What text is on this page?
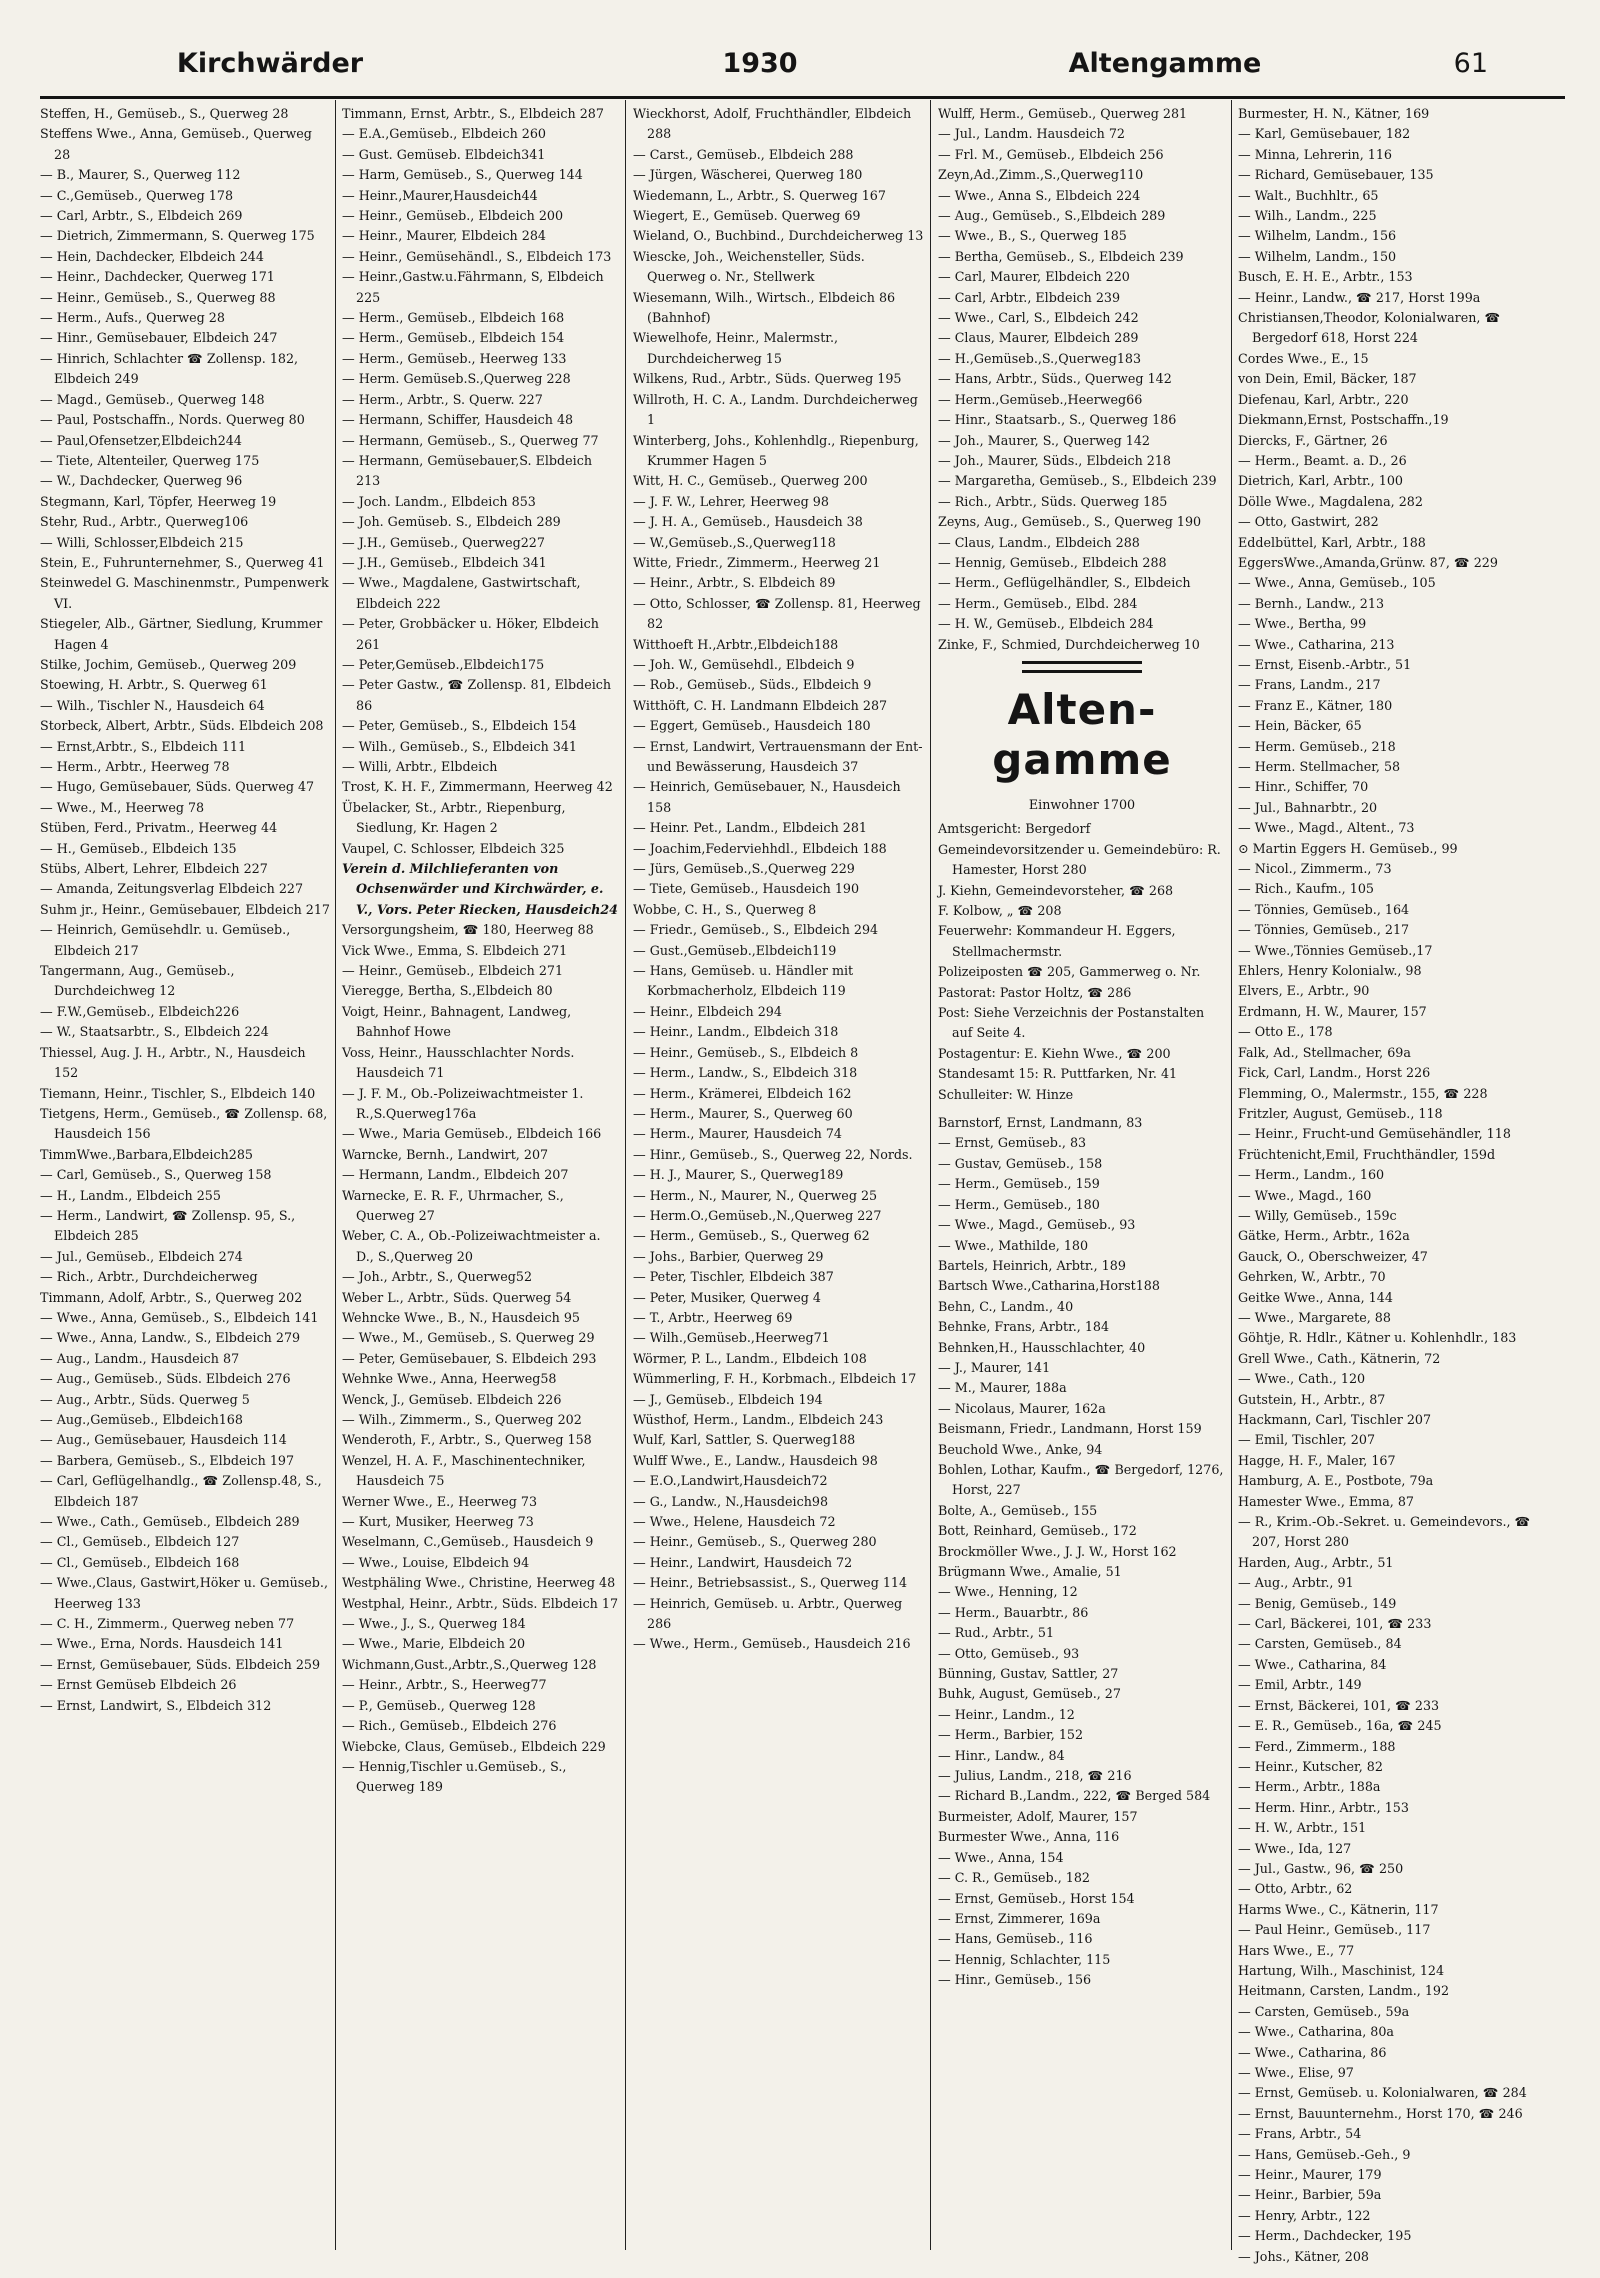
Kirchwärder	1930	Altengamme	61

Steffen, H., Gemüseb., S., Querweg 28

Steffens Wwe., Anna, Gemüseb., Querweg 28

— B., Maurer, S., Querweg 112

— C.,Gemüseb., Querweg 178

— Carl, Arbtr., S., Elbdeich 269

— Dietrich, Zimmermann, S. Querweg 175

— Hein, Dachdecker, Elbdeich 244

— Heinr., Dachdecker, Querweg 171

— Heinr., Gemüseb., S., Querweg 88

— Herm., Aufs., Querweg 28

— Hinr., Gemüsebauer, Elbdeich 247

— Hinrich, Schlachter ☎ Zollensp. 182, Elbdeich 249

— Magd., Gemüseb., Querweg 148

— Paul, Postschaffn., Nords. Querweg 80

— Paul,Ofensetzer,Elbdeich244

— Tiete, Altenteiler, Querweg 175

— W., Dachdecker, Querweg 96

Stegmann, Karl, Töpfer, Heerweg 19

Stehr, Rud., Arbtr., Querweg106

— Willi, Schlosser,Elbdeich 215

Stein, E., Fuhrunternehmer, S., Querweg 41

Steinwedel G. Maschinenmstr., Pumpenwerk VI.

Stiegeler, Alb., Gärtner, Siedlung, Krummer Hagen 4

Stilke, Jochim, Gemüseb., Querweg 209

Stoewing, H. Arbtr., S. Querweg 61

— Wilh., Tischler N., Hausdeich 64

Storbeck, Albert, Arbtr., Süds. Elbdeich 208

— Ernst,Arbtr., S., Elbdeich 111

— Herm., Arbtr., Heerweg 78

— Hugo, Gemüsebauer, Süds. Querweg 47

— Wwe., M., Heerweg 78

Stüben, Ferd., Privatm., Heerweg 44

— H., Gemüseb., Elbdeich 135

Stübs, Albert, Lehrer, Elbdeich 227

— Amanda, Zeitungsverlag Elbdeich 227

Suhm jr., Heinr., Gemüsebauer, Elbdeich 217

— Heinrich, Gemüsehdlr. u. Gemüseb., Elbdeich 217

Tangermann, Aug., Gemüseb., Durchdeichweg 12

— F.W.,Gemüseb., Elbdeich226

— W., Staatsarbtr., S., Elbdeich 224

Thiessel, Aug. J. H., Arbtr., N., Hausdeich 152

Tiemann, Heinr., Tischler, S., Elbdeich 140

Tietgens, Herm., Gemüseb., ☎ Zollensp. 68, Hausdeich 156

TimmWwe.,Barbara,Elbdeich285

— Carl, Gemüseb., S., Querweg 158

— H., Landm., Elbdeich 255

— Herm., Landwirt, ☎ Zollensp. 95, S., Elbdeich 285

— Jul., Gemüseb., Elbdeich 274

— Rich., Arbtr., Durchdeicherweg

Timmann, Adolf, Arbtr., S., Querweg 202

— Wwe., Anna, Gemüseb., S., Elbdeich 141

— Wwe., Anna, Landw., S., Elbdeich 279

— Aug., Landm., Hausdeich 87

— Aug., Gemüseb., Süds. Elbdeich 276

— Aug., Arbtr., Süds. Querweg 5

— Aug.,Gemüseb., Elbdeich168

— Aug., Gemüsebauer, Hausdeich 114

— Barbera, Gemüseb., S., Elbdeich 197

— Carl, Geflügelhandlg., ☎ Zollensp.48, S., Elbdeich 187

— Wwe., Cath., Gemüseb., Elbdeich 289

— Cl., Gemüseb., Elbdeich 127

— Cl., Gemüseb., Elbdeich 168

— Wwe.,Claus, Gastwirt,Höker u. Gemüseb., Heerweg 133

— C. H., Zimmerm., Querweg neben 77

— Wwe., Erna, Nords. Hausdeich 141

— Ernst, Gemüsebauer, Süds. Elbdeich 259

— Ernst Gemüseb Elbdeich 26

— Ernst, Landwirt, S., Elbdeich 312

Timmann, Ernst, Arbtr., S., Elbdeich 287

— E.A.,Gemüseb., Elbdeich 260

— Gust. Gemüseb. Elbdeich341

— Harm, Gemüseb., S., Querweg 144

— Heinr.,Maurer,Hausdeich44

— Heinr., Gemüseb., Elbdeich 200

— Heinr., Maurer, Elbdeich 284

— Heinr., Gemüsehändl., S., Elbdeich 173

— Heinr.,Gastw.u.Fährmann, S, Elbdeich 225

— Herm., Gemüseb., Elbdeich 168

— Herm., Gemüseb., Elbdeich 154

— Herm., Gemüseb., Heerweg 133

— Herm. Gemüseb.S.,Querweg 228

— Herm., Arbtr., S. Querw. 227

— Hermann, Schiffer, Hausdeich 48

— Hermann, Gemüseb., S., Querweg 77

— Hermann, Gemüsebauer,S. Elbdeich 213

— Joch. Landm., Elbdeich 853

— Joh. Gemüseb. S., Elbdeich 289

— J.H., Gemüseb., Querweg227

— J.H., Gemüseb., Elbdeich 341

— Wwe., Magdalene, Gastwirtschaft, Elbdeich 222

— Peter, Grobbäcker u. Höker, Elbdeich 261

— Peter,Gemüseb.,Elbdeich175

— Peter Gastw., ☎ Zollensp. 81, Elbdeich 86

— Peter, Gemüseb., S., Elbdeich 154

— Wilh., Gemüseb., S., Elbdeich 341

— Willi, Arbtr., Elbdeich

Trost, K. H. F., Zimmermann, Heerweg 42

Übelacker, St., Arbtr., Riepenburg, Siedlung, Kr. Hagen 2

Vaupel, C. Schlosser, Elbdeich 325

Verein d. Milchlieferanten von Ochsenwärder und Kirchwärder, e. V., Vors. Peter Riecken, Hausdeich24

Versorgungsheim, ☎ 180, Heerweg 88

Vick Wwe., Emma, S. Elbdeich 271

— Heinr., Gemüseb., Elbdeich 271

Vieregge, Bertha, S.,Elbdeich 80

Voigt, Heinr., Bahnagent, Landweg, Bahnhof Howe

Voss, Heinr., Hausschlachter Nords. Hausdeich 71

— J. F. M., Ob.-Polizeiwachtmeister 1. R.,S.Querweg176a

— Wwe., Maria Gemüseb., Elbdeich 166

Warncke, Bernh., Landwirt, 207

— Hermann, Landm., Elbdeich 207

Warnecke, E. R. F., Uhrmacher, S., Querweg 27

Weber, C. A., Ob.-Polizeiwachtmeister a. D., S.,Querweg 20

— Joh., Arbtr., S., Querweg52

Weber L., Arbtr., Süds. Querweg 54

Wehncke Wwe., B., N., Hausdeich 95

— Wwe., M., Gemüseb., S. Querweg 29

— Peter, Gemüsebauer, S. Elbdeich 293

Wehnke Wwe., Anna, Heerweg58

Wenck, J., Gemüseb. Elbdeich 226

— Wilh., Zimmerm., S., Querweg 202

Wenderoth, F., Arbtr., S., Querweg 158

Wenzel, H. A. F., Maschinentechniker, Hausdeich 75

Werner Wwe., E., Heerweg 73

— Kurt, Musiker, Heerweg 73

Weselmann, C.,Gemüseb., Hausdeich 9

— Wwe., Louise, Elbdeich 94

Westphäling Wwe., Christine, Heerweg 48

Westphal, Heinr., Arbtr., Süds. Elbdeich 17

— Wwe., J., S., Querweg 184

— Wwe., Marie, Elbdeich 20

Wichmann,Gust.,Arbtr.,S.,Querweg 128

— Heinr., Arbtr., S., Heerweg77

— P., Gemüseb., Querweg 128

— Rich., Gemüseb., Elbdeich 276

Wiebcke, Claus, Gemüseb., Elbdeich 229

— Hennig,Tischler u.Gemüseb., S., Querweg 189

Wieckhorst, Adolf, Fruchthändler, Elbdeich 288

— Carst., Gemüseb., Elbdeich 288

— Jürgen, Wäscherei, Querweg 180

Wiedemann, L., Arbtr., S. Querweg 167

Wiegert, E., Gemüseb. Querweg 69

Wieland, O., Buchbind., Durchdeicherweg 13

Wiescke, Joh., Weichensteller, Süds. Querweg o. Nr., Stellwerk

Wiesemann, Wilh., Wirtsch., Elbdeich 86 (Bahnhof)

Wiewelhofe, Heinr., Malermstr., Durchdeicherweg 15

Wilkens, Rud., Arbtr., Süds. Querweg 195

Willroth, H. C. A., Landm. Durchdeicherweg 1

Winterberg, Johs., Kohlenhdlg., Riepenburg, Krummer Hagen 5

Witt, H. C., Gemüseb., Querweg 200

— J. F. W., Lehrer, Heerweg 98

— J. H. A., Gemüseb., Hausdeich 38

— W.,Gemüseb.,S.,Querweg118

Witte, Friedr., Zimmerm., Heerweg 21

— Heinr., Arbtr., S. Elbdeich 89

— Otto, Schlosser, ☎ Zollensp. 81, Heerweg 82

Witthoeft H.,Arbtr.,Elbdeich188

— Joh. W., Gemüsehdl., Elbdeich 9

— Rob., Gemüseb., Süds., Elbdeich 9

Witthöft, C. H. Landmann Elbdeich 287

— Eggert, Gemüseb., Hausdeich 180

— Ernst, Landwirt, Vertrauensmann der Ent- und Bewässerung, Hausdeich 37

— Heinrich, Gemüsebauer, N., Hausdeich 158

— Heinr. Pet., Landm., Elbdeich 281

— Joachim,Federviehhdl., Elbdeich 188

— Jürs, Gemüseb.,S.,Querweg 229

— Tiete, Gemüseb., Hausdeich 190

Wobbe, C. H., S., Querweg 8

— Friedr., Gemüseb., S., Elbdeich 294

— Gust.,Gemüseb.,Elbdeich119

— Hans, Gemüseb. u. Händler mit Korbmacherholz, Elbdeich 119

— Heinr., Elbdeich 294

— Heinr., Landm., Elbdeich 318

— Heinr., Gemüseb., S., Elbdeich 8

— Herm., Landw., S., Elbdeich 318

— Herm., Krämerei, Elbdeich 162

— Herm., Maurer, S., Querweg 60

— Herm., Maurer, Hausdeich 74

— Hinr., Gemüseb., S., Querweg 22, Nords.

— H. J., Maurer, S., Querweg189

— Herm., N., Maurer, N., Querweg 25

— Herm.O.,Gemüseb.,N.,Querweg 227

— Herm., Gemüseb., S., Querweg 62

— Johs., Barbier, Querweg 29

— Peter, Tischler, Elbdeich 387

— Peter, Musiker, Querweg 4

— T., Arbtr., Heerweg 69

— Wilh.,Gemüseb.,Heerweg71

Wörmer, P. L., Landm., Elbdeich 108

Wümmerling, F. H., Korbmach., Elbdeich 17

— J., Gemüseb., Elbdeich 194

Wüsthof, Herm., Landm., Elbdeich 243

Wulf, Karl, Sattler, S. Querweg188

Wulff Wwe., E., Landw., Hausdeich 98

— E.O.,Landwirt,Hausdeich72

— G., Landw., N.,Hausdeich98

— Wwe., Helene, Hausdeich 72

— Heinr., Gemüseb., S., Querweg 280

— Heinr., Landwirt, Hausdeich 72

— Heinr., Betriebsassist., S., Querweg 114

— Heinrich, Gemüseb. u. Arbtr., Querweg 286

— Wwe., Herm., Gemüseb., Hausdeich 216

Wulff, Herm., Gemüseb., Querweg 281

— Jul., Landm. Hausdeich 72

— Frl. M., Gemüseb., Elbdeich 256

Zeyn,Ad.,Zimm.,S.,Querweg110

— Wwe., Anna S., Elbdeich 224

— Aug., Gemüseb., S.,Elbdeich 289

— Wwe., B., S., Querweg 185

— Bertha, Gemüseb., S., Elbdeich 239

— Carl, Maurer, Elbdeich 220

— Carl, Arbtr., Elbdeich 239

— Wwe., Carl, S., Elbdeich 242

— Claus, Maurer, Elbdeich 289

— H.,Gemüseb.,S.,Querweg183

— Hans, Arbtr., Süds., Querweg 142

— Herm.,Gemüseb.,Heerweg66

— Hinr., Staatsarb., S., Querweg 186

— Joh., Maurer, S., Querweg 142

— Joh., Maurer, Süds., Elbdeich 218

— Margaretha, Gemüseb., S., Elbdeich 239

— Rich., Arbtr., Süds. Querweg 185

Zeyns, Aug., Gemüseb., S., Querweg 190

— Claus, Landm., Elbdeich 288

— Hennig, Gemüseb., Elbdeich 288

— Herm., Geflügelhändler, S., Elbdeich

— Herm., Gemüseb., Elbd. 284

— H. W., Gemüseb., Elbdeich 284

Zinke, F., Schmied, Durchdeicherweg 10

Alten-gamme

Einwohner 1700

Amtsgericht: Bergedorf

Gemeindevorsitzender u. Gemeindebüro: R. Hamester, Horst 280

J. Kiehn, Gemeindevorsteher, ☎ 268

F. Kolbow, „ ☎ 208

Feuerwehr: Kommandeur H. Eggers, Stellmachermstr.

Polizeiposten ☎ 205, Gammerweg o. Nr.

Pastorat: Pastor Holtz, ☎ 286

Post: Siehe Verzeichnis der Postanstalten auf Seite 4.

Postagentur: E. Kiehn Wwe., ☎ 200

Standesamt 15: R. Puttfarken, Nr. 41

Schulleiter: W. Hinze

Barnstorf, Ernst, Landmann, 83

— Ernst, Gemüseb., 83

— Gustav, Gemüseb., 158

— Herm., Gemüseb., 159

— Herm., Gemüseb., 180

— Wwe., Magd., Gemüseb., 93

— Wwe., Mathilde, 180

Bartels, Heinrich, Arbtr., 189

Bartsch Wwe.,Catharina,Horst188

Behn, C., Landm., 40

Behnke, Frans, Arbtr., 184

Behnken,H., Hausschlachter, 40

— J., Maurer, 141

— M., Maurer, 188a

— Nicolaus, Maurer, 162a

Beismann, Friedr., Landmann, Horst 159

Beuchold Wwe., Anke, 94

Bohlen, Lothar, Kaufm., ☎ Bergedorf, 1276, Horst, 227

Bolte, A., Gemüseb., 155

Bott, Reinhard, Gemüseb., 172

Brockmöller Wwe., J. J. W., Horst 162

Brügmann Wwe., Amalie, 51

— Wwe., Henning, 12

— Herm., Bauarbtr., 86

— Rud., Arbtr., 51

— Otto, Gemüseb., 93

Bünning, Gustav, Sattler, 27

Buhk, August, Gemüseb., 27

— Heinr., Landm., 12

— Herm., Barbier, 152

— Hinr., Landw., 84

— Julius, Landm., 218, ☎ 216

— Richard B.,Landm., 222, ☎ Berged 584

Burmeister, Adolf, Maurer, 157

Burmester Wwe., Anna, 116

— Wwe., Anna, 154

— C. R., Gemüseb., 182

— Ernst, Gemüseb., Horst 154

— Ernst, Zimmerer, 169a

— Hans, Gemüseb., 116

— Hennig, Schlachter, 115

— Hinr., Gemüseb., 156

Burmester, H. N., Kätner, 169

— Karl, Gemüsebauer, 182

— Minna, Lehrerin, 116

— Richard, Gemüsebauer, 135

— Walt., Buchhltr., 65

— Wilh., Landm., 225

— Wilhelm, Landm., 156

— Wilhelm, Landm., 150

Busch, E. H. E., Arbtr., 153

— Heinr., Landw., ☎ 217, Horst 199a

Christiansen,Theodor, Kolonialwaren, ☎ Bergedorf 618, Horst 224

Cordes Wwe., E., 15

von Dein, Emil, Bäcker, 187

Diefenau, Karl, Arbtr., 220

Diekmann,Ernst, Postschaffn.,19

Diercks, F., Gärtner, 26

— Herm., Beamt. a. D., 26

Dietrich, Karl, Arbtr., 100

Dölle Wwe., Magdalena, 282

— Otto, Gastwirt, 282

Eddelbüttel, Karl, Arbtr., 188

EggersWwe.,Amanda,Grünw. 87, ☎ 229

— Wwe., Anna, Gemüseb., 105

— Bernh., Landw., 213

— Wwe., Bertha, 99

— Wwe., Catharina, 213

— Ernst, Eisenb.-Arbtr., 51

— Frans, Landm., 217

— Franz E., Kätner, 180

— Hein, Bäcker, 65

— Herm. Gemüseb., 218

— Herm. Stellmacher, 58

— Hinr., Schiffer, 70

— Jul., Bahnarbtr., 20

— Wwe., Magd., Altent., 73

⊙ Martin Eggers H. Gemüseb., 99

— Nicol., Zimmerm., 73

— Rich., Kaufm., 105

— Tönnies, Gemüseb., 164

— Tönnies, Gemüseb., 217

— Wwe.,Tönnies Gemüseb.,17

Ehlers, Henry Kolonialw., 98

Elvers, E., Arbtr., 90

Erdmann, H. W., Maurer, 157

— Otto E., 178

Falk, Ad., Stellmacher, 69a

Fick, Carl, Landm., Horst 226

Flemming, O., Malermstr., 155, ☎ 228

Fritzler, August, Gemüseb., 118

— Heinr., Frucht-und Gemüsehändler, 118

Früchtenicht,Emil, Fruchthändler, 159d

— Herm., Landm., 160

— Wwe., Magd., 160

— Willy, Gemüseb., 159c

Gätke, Herm., Arbtr., 162a

Gauck, O., Oberschweizer, 47

Gehrken, W., Arbtr., 70

Geitke Wwe., Anna, 144

— Wwe., Margarete, 88

Göhtje, R. Hdlr., Kätner u. Kohlenhdlr., 183

Grell Wwe., Cath., Kätnerin, 72

— Wwe., Cath., 120

Gutstein, H., Arbtr., 87

Hackmann, Carl, Tischler 207

— Emil, Tischler, 207

Hagge, H. F., Maler, 167

Hamburg, A. E., Postbote, 79a

Hamester Wwe., Emma, 87

— R., Krim.-Ob.-Sekret. u. Gemeindevors., ☎ 207, Horst 280

Harden, Aug., Arbtr., 51

— Aug., Arbtr., 91

— Benig, Gemüseb., 149

— Carl, Bäckerei, 101, ☎ 233

— Carsten, Gemüseb., 84

— Wwe., Catharina, 84

— Emil, Arbtr., 149

— Ernst, Bäckerei, 101, ☎ 233

— E. R., Gemüseb., 16a, ☎ 245

— Ferd., Zimmerm., 188

— Heinr., Kutscher, 82

— Herm., Arbtr., 188a

— Herm. Hinr., Arbtr., 153

— H. W., Arbtr., 151

— Wwe., Ida, 127

— Jul., Gastw., 96, ☎ 250

— Otto, Arbtr., 62

Harms Wwe., C., Kätnerin, 117

— Paul Heinr., Gemüseb., 117

Hars Wwe., E., 77

Hartung, Wilh., Maschinist, 124

Heitmann, Carsten, Landm., 192

— Carsten, Gemüseb., 59a

— Wwe., Catharina, 80a

— Wwe., Catharina, 86

— Wwe., Elise, 97

— Ernst, Gemüseb. u. Kolonialwaren, ☎ 284

— Ernst, Bauunternehm., Horst 170, ☎ 246

— Frans, Arbtr., 54

— Hans, Gemüseb.-Geh., 9

— Heinr., Maurer, 179

— Heinr., Barbier, 59a

— Henry, Arbtr., 122

— Herm., Dachdecker, 195

— Johs., Kätner, 208
